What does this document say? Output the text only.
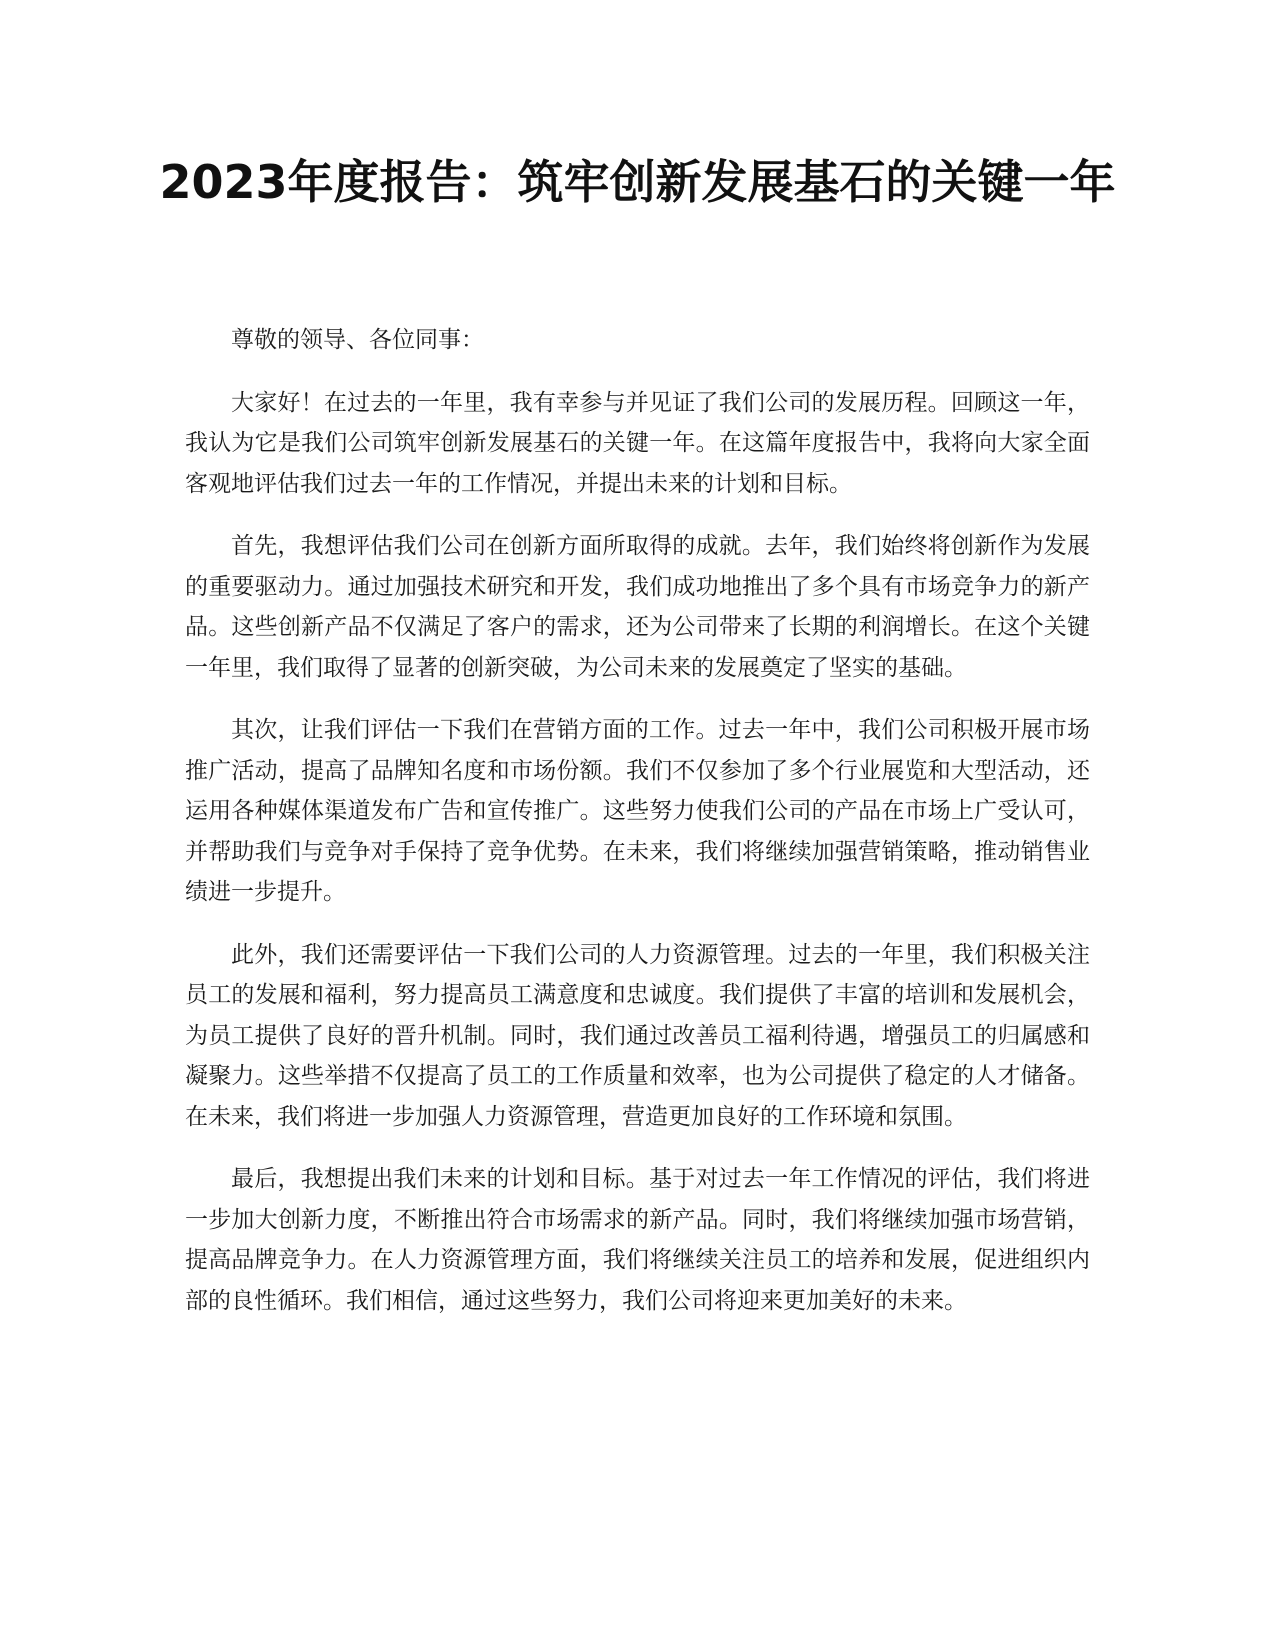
2023年度报告：筑牢创新发展基石的关键一年

尊敬的领导、各位同事：

大家好！在过去的一年里，我有幸参与并见证了我们公司的发展历程。回顾这一年，我认为它是我们公司筑牢创新发展基石的关键一年。在这篇年度报告中，我将向大家全面客观地评估我们过去一年的工作情况，并提出未来的计划和目标。

首先，我想评估我们公司在创新方面所取得的成就。去年，我们始终将创新作为发展的重要驱动力。通过加强技术研究和开发，我们成功地推出了多个具有市场竞争力的新产品。这些创新产品不仅满足了客户的需求，还为公司带来了长期的利润增长。在这个关键一年里，我们取得了显著的创新突破，为公司未来的发展奠定了坚实的基础。

其次，让我们评估一下我们在营销方面的工作。过去一年中，我们公司积极开展市场推广活动，提高了品牌知名度和市场份额。我们不仅参加了多个行业展览和大型活动，还运用各种媒体渠道发布广告和宣传推广。这些努力使我们公司的产品在市场上广受认可，并帮助我们与竞争对手保持了竞争优势。在未来，我们将继续加强营销策略，推动销售业绩进一步提升。

此外，我们还需要评估一下我们公司的人力资源管理。过去的一年里，我们积极关注员工的发展和福利，努力提高员工满意度和忠诚度。我们提供了丰富的培训和发展机会，为员工提供了良好的晋升机制。同时，我们通过改善员工福利待遇，增强员工的归属感和凝聚力。这些举措不仅提高了员工的工作质量和效率，也为公司提供了稳定的人才储备。在未来，我们将进一步加强人力资源管理，营造更加良好的工作环境和氛围。

最后，我想提出我们未来的计划和目标。基于对过去一年工作情况的评估，我们将进一步加大创新力度，不断推出符合市场需求的新产品。同时，我们将继续加强市场营销，提高品牌竞争力。在人力资源管理方面，我们将继续关注员工的培养和发展，促进组织内部的良性循环。我们相信，通过这些努力，我们公司将迎来更加美好的未来。
